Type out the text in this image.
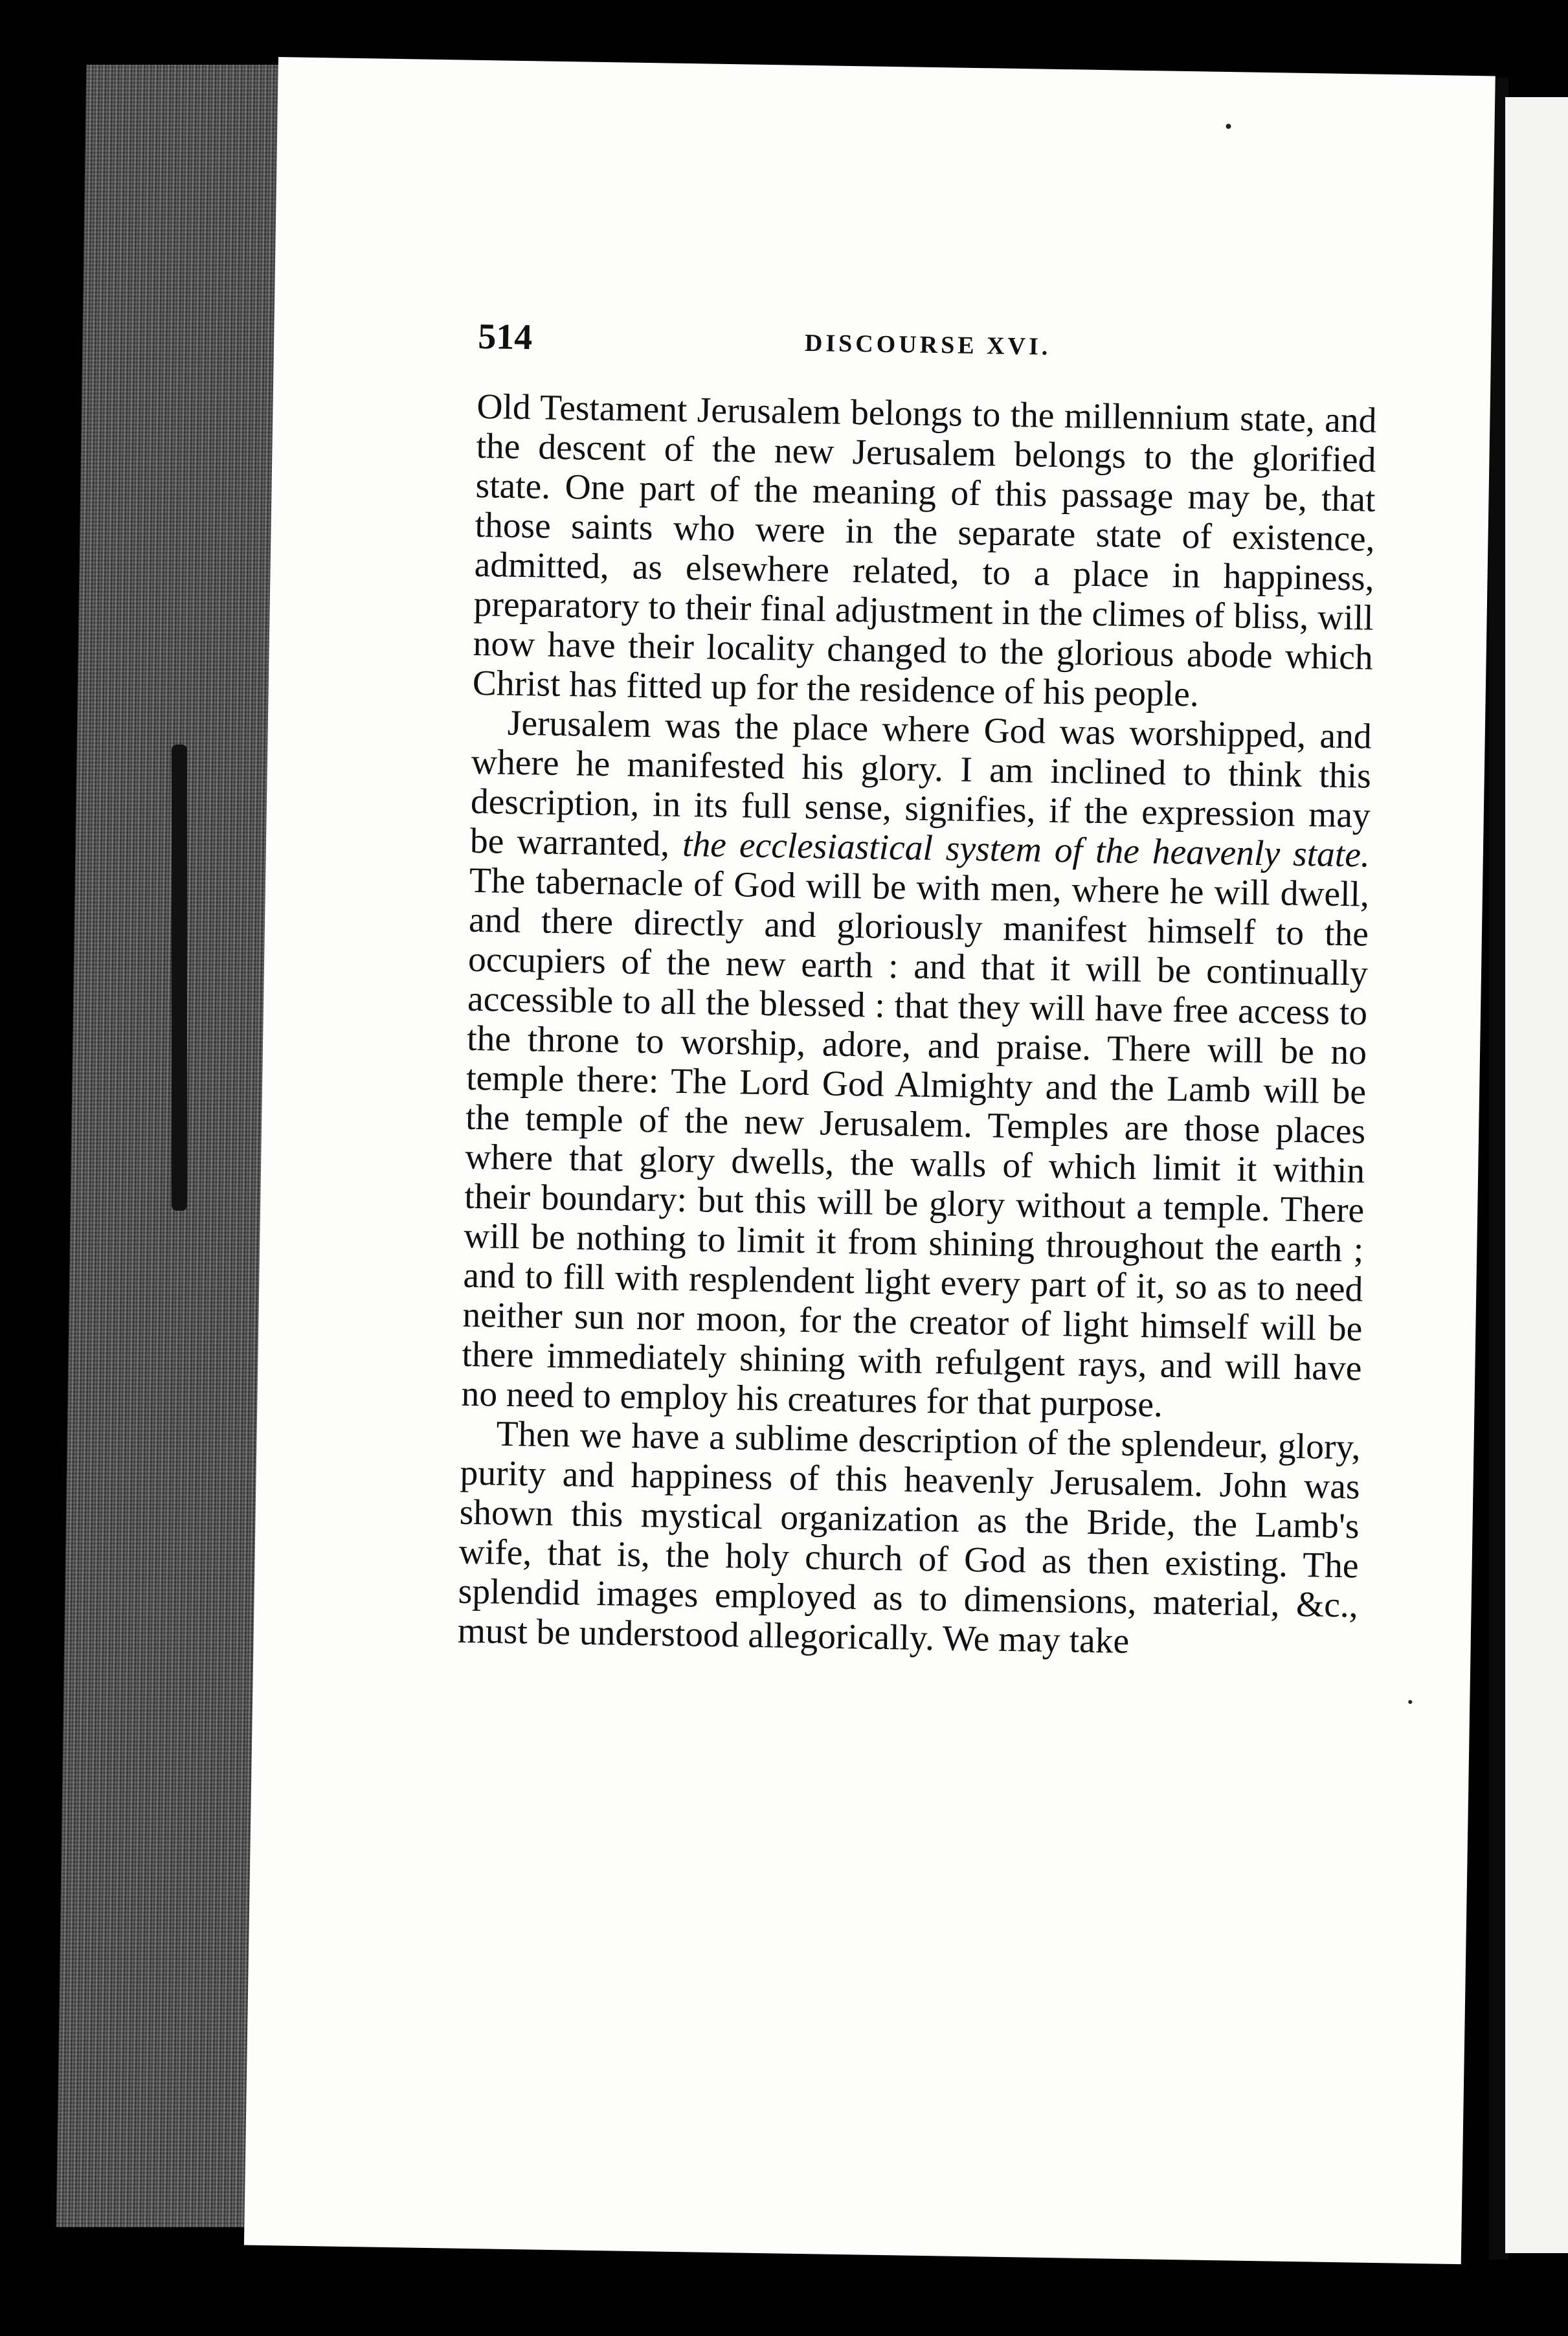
514	DISCOURSE XVI.

Old Testament Jerusalem belongs to the millennium state, and the descent of the new Jerusalem belongs to the glorified state. One part of the meaning of this passage may be, that those saints who were in the separate state of existence, admitted, as elsewhere related, to a place in happiness, preparatory to their final adjustment in the climes of bliss, will now have their locality changed to the glorious abode which Christ has fitted up for the residence of his people.

Jerusalem was the place where God was worshipped, and where he manifested his glory. I am inclined to think this description, in its full sense, signifies, if the expression may be warranted, the ecclesiastical system of the heavenly state. The tabernacle of God will be with men, where he will dwell, and there directly and gloriously manifest himself to the occupiers of the new earth : and that it will be continually accessible to all the blessed : that they will have free access to the throne to worship, adore, and praise. There will be no temple there: The Lord God Almighty and the Lamb will be the temple of the new Jerusalem. Temples are those places where that glory dwells, the walls of which limit it within their boundary: but this will be glory without a temple. There will be nothing to limit it from shining throughout the earth ; and to fill with resplendent light every part of it, so as to need neither sun nor moon, for the creator of light himself will be there immediately shining with refulgent rays, and will have no need to employ his creatures for that purpose.

Then we have a sublime description of the splendeur, glory, purity and happiness of this heavenly Jerusalem. John was shown this mystical organization as the Bride, the Lamb's wife, that is, the holy church of God as then existing. The splendid images employed as to dimensions, material, &c., must be understood allegorically. We may take
